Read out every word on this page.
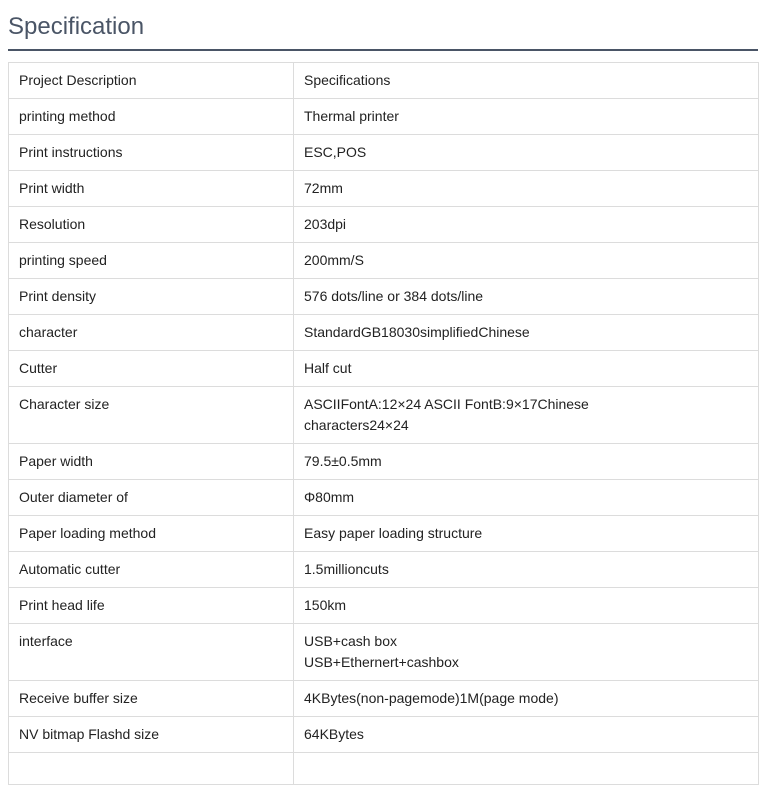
Specification
Project Description	Specifications
printing method	Thermal printer
Print instructions	ESC,POS
Print width	72mm
Resolution	203dpi
printing speed	200mm/S
Print density	576 dots/line or 384 dots/line
character	StandardGB18030simplifiedChinese
Cutter	Half cut
Character size	ASCIIFontA:12×24 ASCII FontB:9×17Chinese
characters24×24
Paper width	79.5±0.5mm
Outer diameter of	Φ80mm
Paper loading method	Easy paper loading structure
Automatic cutter	1.5millioncuts
Print head life	150km
interface	USB+cash box
USB+Ethernert+cashbox
Receive buffer size	4KBytes(non-pagemode)1M(page mode)
NV bitmap Flashd size	64KBytes
